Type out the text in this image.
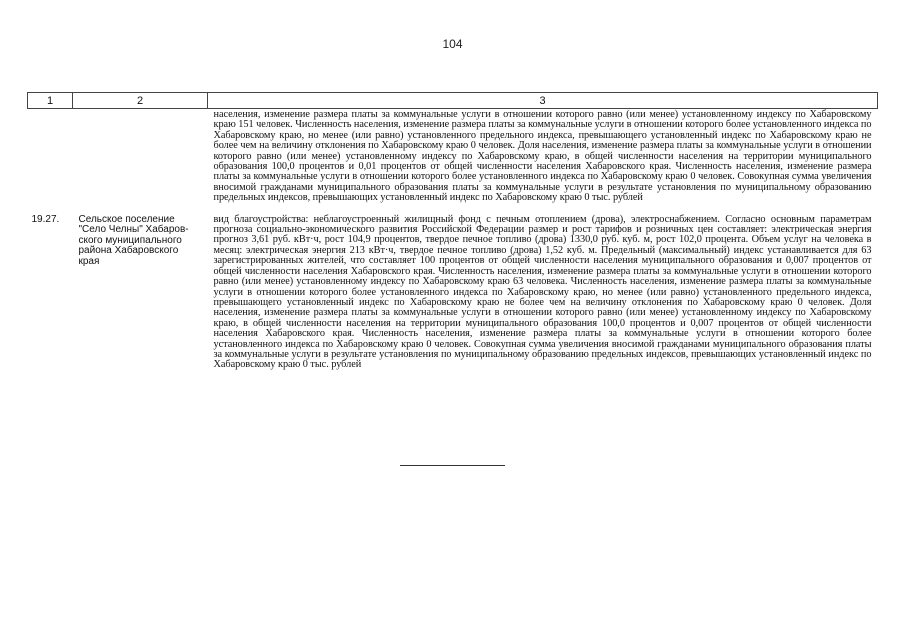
104
1	2	3
		населения, изменение размера платы за коммунальные услуги в отношении которого равно (или менее) установленному индексу по Хабаровскому краю 151 человек. Численность населения, изменение размера платы за коммунальные услуги в отношении которого более установленного индекса по Хабаровскому краю, но менее (или равно) установленного предельного индекса, превышающего установленный индекс по Хабаровскому краю не более чем на величину отклонения по Хабаровскому краю 0 человек. Доля населения, изменение размера платы за коммунальные услуги в отношении которого равно (или менее) установленному индексу по Хабаровскому краю, в общей численности населения на территории муниципального образования 100,0 процентов и 0,01 процентов от общей численности населения Хабаровского края. Численность населения, изменение размера платы за коммунальные услуги в отношении которого более установленного индекса по Хабаровскому краю 0 человек. Совокупная сумма увеличения вносимой гражданами муниципального образования платы за коммунальные услуги в результате установления по муниципальному образованию предельных индексов, превышающих установленный индекс по Хабаровскому краю 0 тыс. рублей
19.27.	Сельское поселение "Село Челны" Хабаров- ского муниципального района Хабаровского края	вид благоустройства: неблагоустроенный жилищный фонд с печным отоплением (дрова), электроснабжением. Согласно основным параметрам прогноза социально-экономического развития Российской Федерации размер и рост тарифов и розничных цен составляет: электрическая энергия прогноз 3,61 руб. кВт·ч, рост 104,9 процентов, твердое печное топливо (дрова) 1330,0 руб. куб. м, рост 102,0 процента. Объем услуг на человека в месяц: электрическая энергия 213 кВт·ч, твердое печное топливо (дрова) 1,52 куб. м. Предельный (максимальный) индекс устанавливается для 63 зарегистрированных жителей, что составляет 100 процентов от общей численности населения муниципального образования и 0,007 процентов от общей численности населения Хабаровского края. Численность населения, изменение размера платы за коммунальные услуги в отношении которого равно (или менее) установленному индексу по Хабаровскому краю 63 человека. Численность населения, изменение размера платы за коммунальные услуги в отношении которого более установленного индекса по Хабаровскому краю, но менее (или равно) установленного предельного индекса, превышающего установленный индекс по Хабаровскому краю не более чем на величину отклонения по Хабаровскому краю 0 человек. Доля населения, изменение размера платы за коммунальные услуги в отношении которого равно (или менее) установленному индексу по Хабаровскому краю, в общей численности населения на территории муниципального образования 100,0 процентов и 0,007 процентов от общей численности населения Хабаровского края. Численность населения, изменение размера платы за коммунальные услуги в отношении которого более установленного индекса по Хабаровскому краю 0 человек. Совокупная сумма увеличения вносимой гражданами муниципального образования платы за коммунальные услуги в результате установления по муниципальному образованию предельных индексов, превышающих установленный индекс по Хабаровскому краю 0 тыс. рублей
